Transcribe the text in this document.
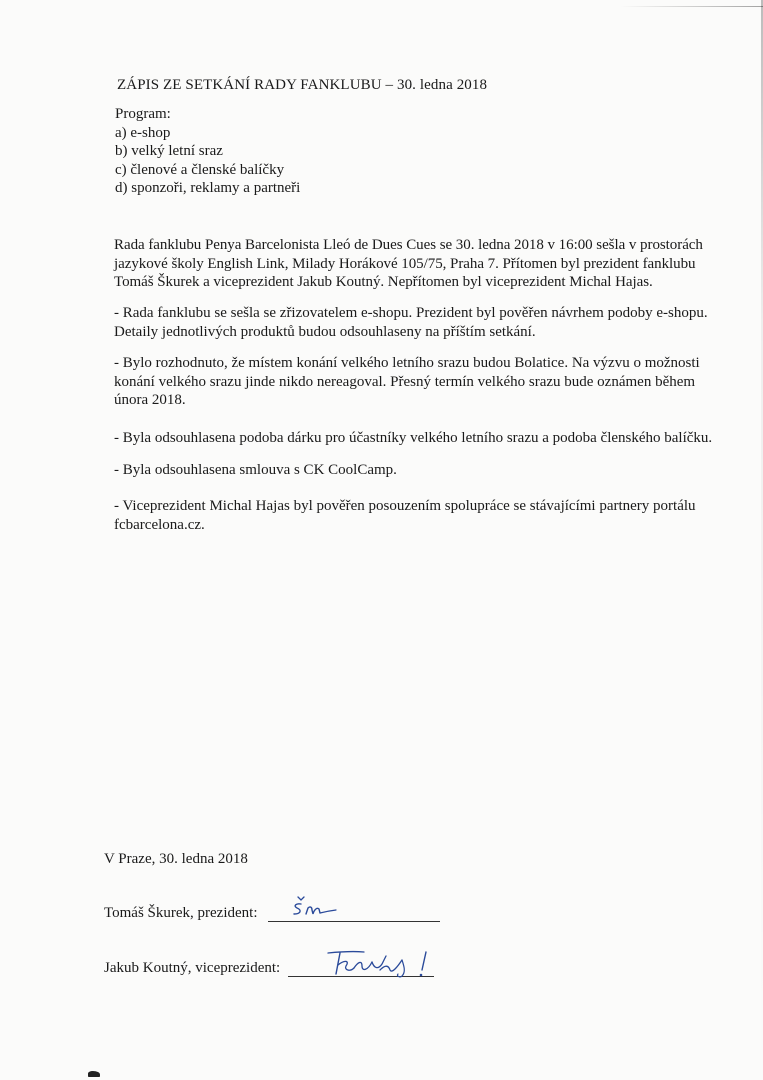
ZÁPIS ZE SETKÁNÍ RADY FANKLUBU – 30. ledna 2018
Program:
a) e-shop
b) velký letní sraz
c) členové a členské balíčky
d) sponzoři, reklamy a partneři
Rada fanklubu Penya Barcelonista Lleó de Dues Cues se 30. ledna 2018 v 16:00 sešla v prostorách
jazykové školy English Link, Milady Horákové 105/75, Praha 7. Přítomen byl prezident fanklubu
Tomáš Škurek a viceprezident Jakub Koutný. Nepřítomen byl viceprezident Michal Hajas.
- Rada fanklubu se sešla se zřizovatelem e-shopu. Prezident byl pověřen návrhem podoby e-shopu.
Detaily jednotlivých produktů budou odsouhlaseny na příštím setkání.
- Bylo rozhodnuto, že místem konání velkého letního srazu budou Bolatice. Na výzvu o možnosti
konání velkého srazu jinde nikdo nereagoval. Přesný termín velkého srazu bude oznámen během
února 2018.
- Byla odsouhlasena podoba dárku pro účastníky velkého letního srazu a podoba členského balíčku.
- Byla odsouhlasena smlouva s CK CoolCamp.
- Viceprezident Michal Hajas byl pověřen posouzením spolupráce se stávajícími partnery portálu
fcbarcelona.cz.
V Praze, 30. ledna 2018
Tomáš Škurek, prezident:
Jakub Koutný, viceprezident:
